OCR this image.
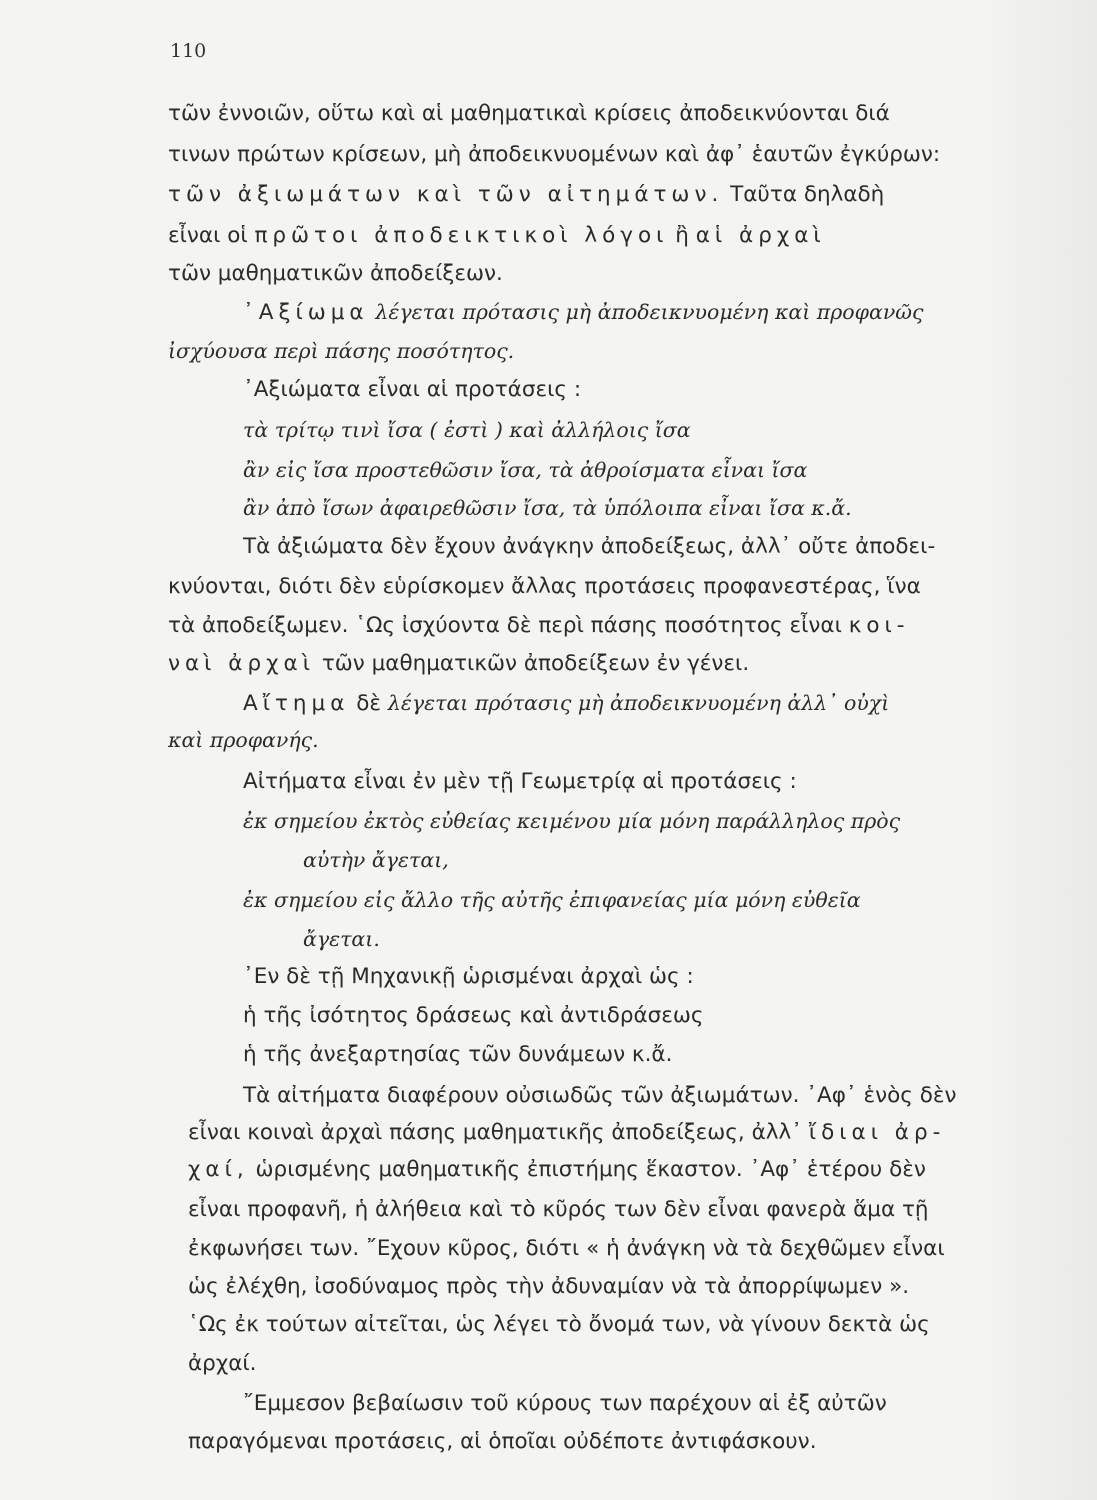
110
τῶν ἐννοιῶν, οὕτω καὶ αἱ μαθηματικαὶ κρίσεις ἀποδεικνύονται διά
τινων πρώτων κρίσεων, μὴ ἀποδεικνυομένων καὶ ἀφ᾽ ἑαυτῶν ἐγκύρων:
τῶν ἀξιωμάτων καὶ τῶν αἰτημάτων. Ταῦτα δηλαδὴ
εἶναι οἱ πρῶτοι ἀποδεικτικοὶ λόγοι ἢ αἱ ἀρχαὶ
τῶν μαθηματικῶν ἀποδείξεων.
᾽Αξίωμα λέγεται πρότασις μὴ ἀποδεικνυομένη καὶ προφανῶς
ἰσχύουσα περὶ πάσης ποσότητος.
᾽Αξιώματα εἶναι αἱ προτάσεις :
τὰ τρίτῳ τινὶ ἴσα ( ἐστὶ ) καὶ ἀλλήλοις ἴσα
ἂν εἰς ἴσα προστεθῶσιν ἴσα, τὰ ἀθροίσματα εἶναι ἴσα
ἂν ἀπὸ ἴσων ἀφαιρεθῶσιν ἴσα, τὰ ὑπόλοιπα εἶναι ἴσα κ.ἄ.
Τὰ ἀξιώματα δὲν ἔχουν ἀνάγκην ἀποδείξεως, ἀλλ᾽ οὔτε ἀποδει-
κνύονται, διότι δὲν εὑρίσκομεν ἄλλας προτάσεις προφανεστέρας, ἵνα
τὰ ἀποδείξωμεν. ῾Ως ἰσχύοντα δὲ περὶ πάσης ποσότητος εἶναι κοι-
ναὶ ἀρχαὶ τῶν μαθηματικῶν ἀποδείξεων ἐν γένει.
Αἴτημα δὲ λέγεται πρότασις μὴ ἀποδεικνυομένη ἀλλ᾽ οὐχὶ
καὶ προφανής.
Αἰτήματα εἶναι ἐν μὲν τῇ Γεωμετρίᾳ αἱ προτάσεις :
ἐκ σημείου ἐκτὸς εὐθείας κειμένου μία μόνη παράλληλος πρὸς
αὐτὴν ἄγεται,
ἐκ σημείου εἰς ἄλλο τῆς αὐτῆς ἐπιφανείας μία μόνη εὐθεῖα
ἄγεται.
᾽Εν δὲ τῇ Μηχανικῇ ὡρισμέναι ἀρχαὶ ὡς :
ἡ τῆς ἰσότητος δράσεως καὶ ἀντιδράσεως
ἡ τῆς ἀνεξαρτησίας τῶν δυνάμεων κ.ἄ.
Τὰ αἰτήματα διαφέρουν οὐσιωδῶς τῶν ἀξιωμάτων. ᾽Αφ᾽ ἑνὸς δὲν
εἶναι κοιναὶ ἀρχαὶ πάσης μαθηματικῆς ἀποδείξεως, ἀλλ᾽ ἴδιαι ἀρ-
χαί, ὡρισμένης μαθηματικῆς ἐπιστήμης ἕκαστον. ᾽Αφ᾽ ἑτέρου δὲν
εἶναι προφανῆ, ἡ ἀλήθεια καὶ τὸ κῦρός των δὲν εἶναι φανερὰ ἅμα τῇ
ἐκφωνήσει των. ῎Εχουν κῦρος, διότι « ἡ ἀνάγκη νὰ τὰ δεχθῶμεν εἶναι
ὡς ἐλέχθη, ἰσοδύναμος πρὸς τὴν ἀδυναμίαν νὰ τὰ ἀπορρίψωμεν ».
῾Ως ἐκ τούτων αἰτεῖται, ὡς λέγει τὸ ὄνομά των, νὰ γίνουν δεκτὰ ὡς
ἀρχαί.
῎Εμμεσον βεβαίωσιν τοῦ κύρους των παρέχουν αἱ ἐξ αὐτῶν
παραγόμεναι προτάσεις, αἱ ὁποῖαι οὐδέποτε ἀντιφάσκουν.
